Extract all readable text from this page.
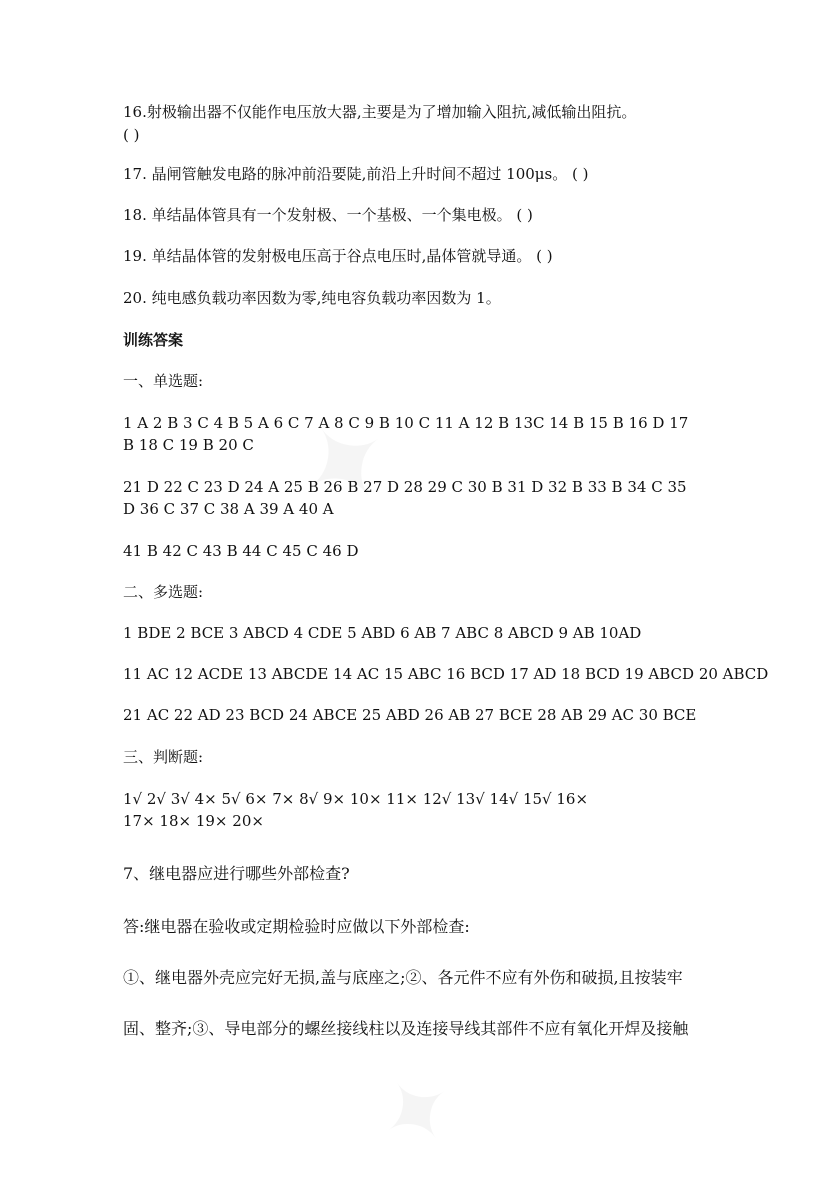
16.射极输出器不仅能作电压放大器,主要是为了增加输入阻抗,减低输出阻抗。
( )
17. 晶闸管触发电路的脉冲前沿要陡,前沿上升时间不超过 100μs。 ( )
18. 单结晶体管具有一个发射极、一个基极、一个集电极。 ( )
19. 单结晶体管的发射极电压高于谷点电压时,晶体管就导通。 ( )
20. 纯电感负载功率因数为零,纯电容负载功率因数为 1。
训练答案
一、单选题:
1 A 2 B 3 C 4 B 5 A 6 C 7 A 8 C 9 B 10 C 11 A 12 B 13C 14 B 15 B 16 D 17
B 18 C 19 B 20 C
21 D 22 C 23 D 24 A 25 B 26 B 27 D 28 29 C 30 B 31 D 32 B 33 B 34 C 35
D 36 C 37 C 38 A 39 A 40 A
41 B 42 C 43 B 44 C 45 C 46 D
二、多选题:
1 BDE 2 BCE 3 ABCD 4 CDE 5 ABD 6 AB 7 ABC 8 ABCD 9 AB 10AD
11 AC 12 ACDE 13 ABCDE 14 AC 15 ABC 16 BCD 17 AD 18 BCD 19 ABCD 20 ABCD
21 AC 22 AD 23 BCD 24 ABCE 25 ABD 26 AB 27 BCE 28 AB 29 AC 30 BCE
三、判断题:
1√ 2√ 3√ 4× 5√ 6× 7× 8√ 9× 10× 11× 12√ 13√ 14√ 15√ 16×
17× 18× 19× 20×
7、继电器应进行哪些外部检查?
答:继电器在验收或定期检验时应做以下外部检查:
①、继电器外壳应完好无损,盖与底座之;②、各元件不应有外伤和破损,且按装牢
固、整齐;③、导电部分的螺丝接线柱以及连接导线其部件不应有氧化开焊及接触
